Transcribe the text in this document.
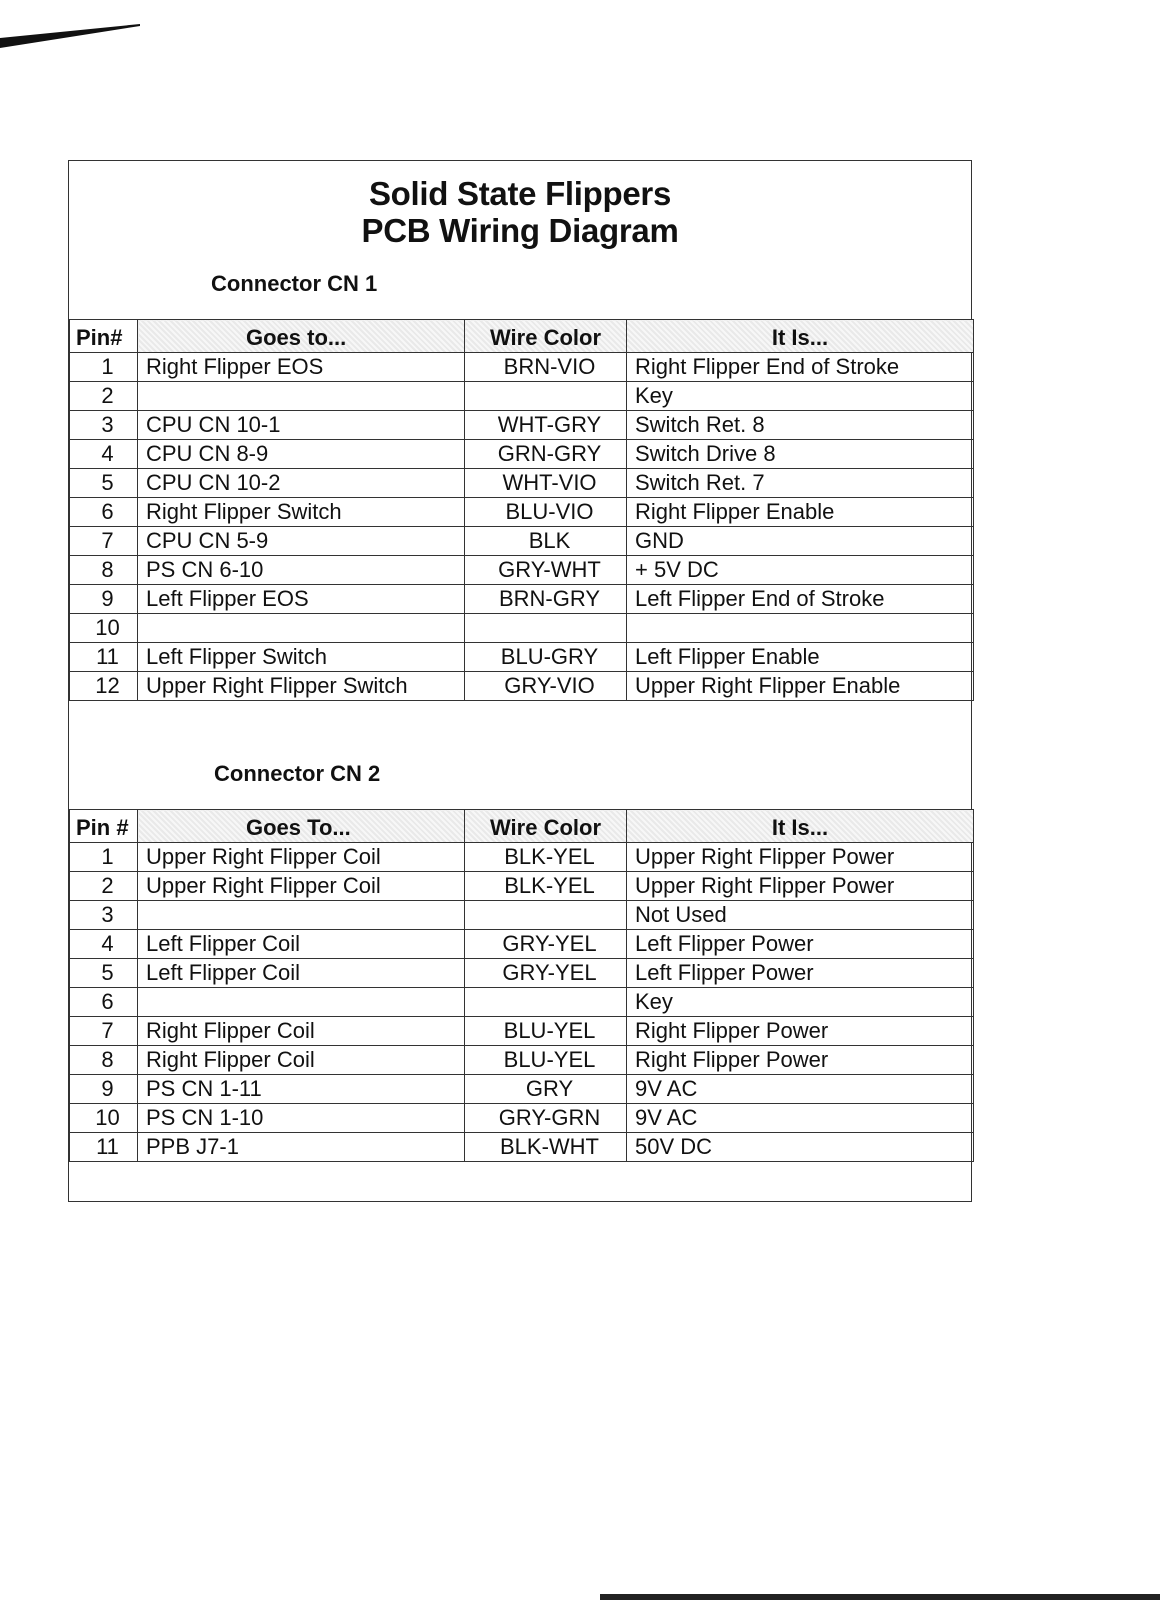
Solid State Flippers
PCB Wiring Diagram
Connector CN 1
Pin#	Goes to...	Wire Color	It Is...
1	Right Flipper EOS	BRN-VIO	Right Flipper End of Stroke
2			Key
3	CPU CN 10-1	WHT-GRY	Switch Ret. 8
4	CPU CN 8-9	GRN-GRY	Switch Drive 8
5	CPU CN 10-2	WHT-VIO	Switch Ret. 7
6	Right Flipper Switch	BLU-VIO	Right Flipper Enable
7	CPU CN 5-9	BLK	GND
8	PS CN 6-10	GRY-WHT	+ 5V DC
9	Left Flipper EOS	BRN-GRY	Left Flipper End of Stroke
10			
11	Left Flipper Switch	BLU-GRY	Left Flipper Enable
12	Upper Right Flipper Switch	GRY-VIO	Upper Right Flipper Enable
Connector CN 2
Pin #	Goes To...	Wire Color	It Is...
1	Upper Right Flipper Coil	BLK-YEL	Upper Right Flipper Power
2	Upper Right Flipper Coil	BLK-YEL	Upper Right Flipper Power
3			Not Used
4	Left Flipper Coil	GRY-YEL	Left Flipper Power
5	Left Flipper Coil	GRY-YEL	Left Flipper Power
6			Key
7	Right Flipper Coil	BLU-YEL	Right Flipper Power
8	Right Flipper Coil	BLU-YEL	Right Flipper Power
9	PS CN 1-11	GRY	9V AC
10	PS CN 1-10	GRY-GRN	9V AC
11	PPB J7-1	BLK-WHT	50V DC
